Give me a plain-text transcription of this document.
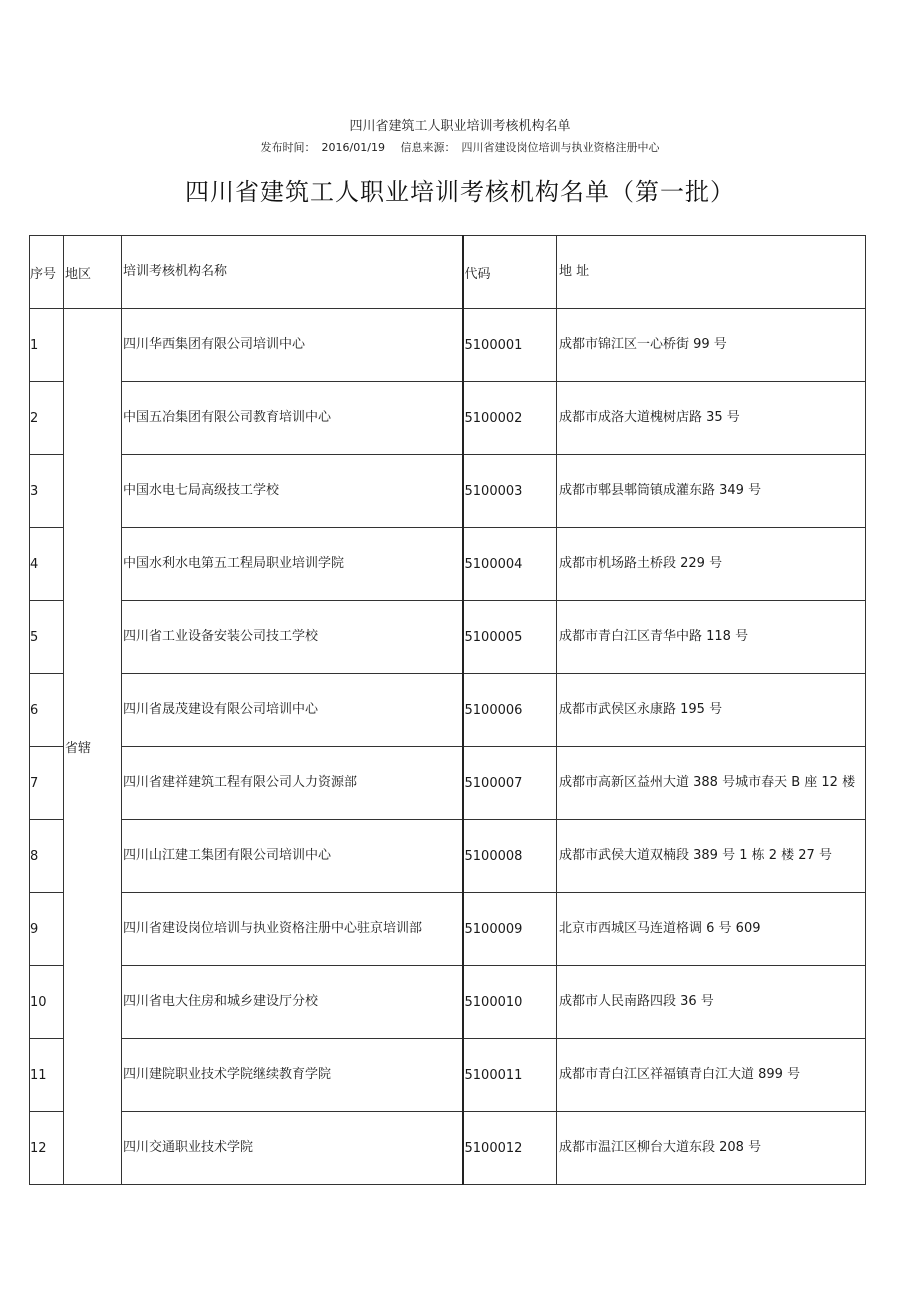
四川省建筑工人职业培训考核机构名单
发布时间： 2016/01/19 信息来源： 四川省建设岗位培训与执业资格注册中心
四川省建筑工人职业培训考核机构名单（第一批）
序号	地区	培训考核机构名称	代码	地 址
1	省辖	四川华西集团有限公司培训中心	5100001	成都市锦江区一心桥街 99 号
2		中国五冶集团有限公司教育培训中心	5100002	成都市成洛大道槐树店路 35 号
3		中国水电七局高级技工学校	5100003	成都市郫县郫筒镇成灌东路 349 号
4		中国水利水电第五工程局职业培训学院	5100004	成都市机场路土桥段 229 号
5		四川省工业设备安装公司技工学校	5100005	成都市青白江区青华中路 118 号
6		四川省晟茂建设有限公司培训中心	5100006	成都市武侯区永康路 195 号
7		四川省建祥建筑工程有限公司人力资源部	5100007	成都市高新区益州大道 388 号城市春天 B 座 12 楼
8		四川山江建工集团有限公司培训中心	5100008	成都市武侯大道双楠段 389 号 1 栋 2 楼 27 号
9		四川省建设岗位培训与执业资格注册中心驻京培训部	5100009	北京市西城区马连道格调 6 号 609
10		四川省电大住房和城乡建设厅分校	5100010	成都市人民南路四段 36 号
11		四川建院职业技术学院继续教育学院	5100011	成都市青白江区祥福镇青白江大道 899 号
12		四川交通职业技术学院	5100012	成都市温江区柳台大道东段 208 号
